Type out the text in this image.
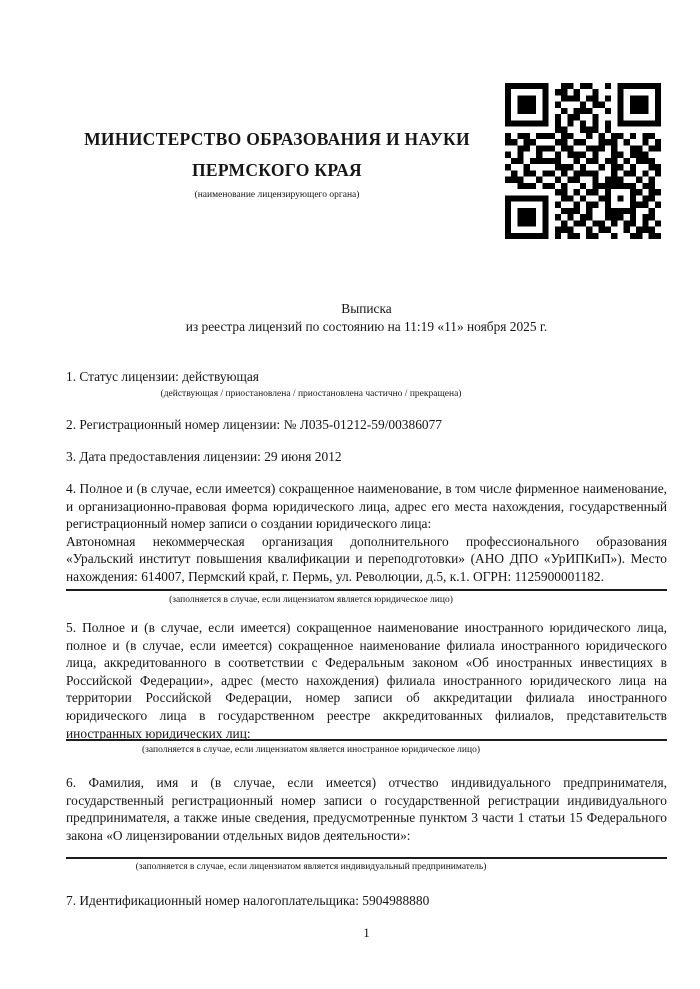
МИНИСТЕРСТВО ОБРАЗОВАНИЯ И НАУКИ
ПЕРМСКОГО КРАЯ
(наименование лицензирующего органа)
Выписка
из реестра лицензий по состоянию на 11:19 «11» ноября 2025 г.
1. Статус лицензии: действующая
(действующая / приостановлена / приостановлена частично / прекращена)
2. Регистрационный номер лицензии: № Л035-01212-59/00386077
3. Дата предоставления лицензии: 29 июня 2012

4. Полное и (в случае, если имеется) сокращенное наименование, в том числе фирменное наименование, и организационно-правовая форма юридического лица, адрес его места нахождения, государственный регистрационный номер записи о создании юридического лица:

Автономная некоммерческая организация дополнительного профессионального образования «Уральский институт повышения квалификации и переподготовки» (АНО ДПО «УрИПКиП»). Место нахождения: 614007, Пермский край, г. Пермь, ул. Революции, д.5, к.1. ОГРН: 1125900001182.

(заполняется в случае, если лицензиатом является юридическое лицо)
5. Полное и (в случае, если имеется) сокращенное наименование иностранного юридического лица, полное и (в случае, если имеется) сокращенное наименование филиала иностранного юридического лица, аккредитованного в соответствии с Федеральным законом «Об иностранных инвестициях в Российской Федерации», адрес (место нахождения) филиала иностранного юридического лица на территории Российской Федерации, номер записи об аккредитации филиала иностранного юридического лица в государственном реестре аккредитованных филиалов, представительств иностранных юридических лиц:
(заполняется в случае, если лицензиатом является иностранное юридическое лицо)
6. Фамилия, имя и (в случае, если имеется) отчество индивидуального предпринимателя, государственный регистрационный номер записи о государственной регистрации индивидуального предпринимателя, а также иные сведения, предусмотренные пунктом 3 части 1 статьи 15 Федерального закона «О лицензировании отдельных видов деятельности»:
(заполняется в случае, если лицензиатом является индивидуальный предприниматель)
7. Идентификационный номер налогоплательщика: 5904988880
1
